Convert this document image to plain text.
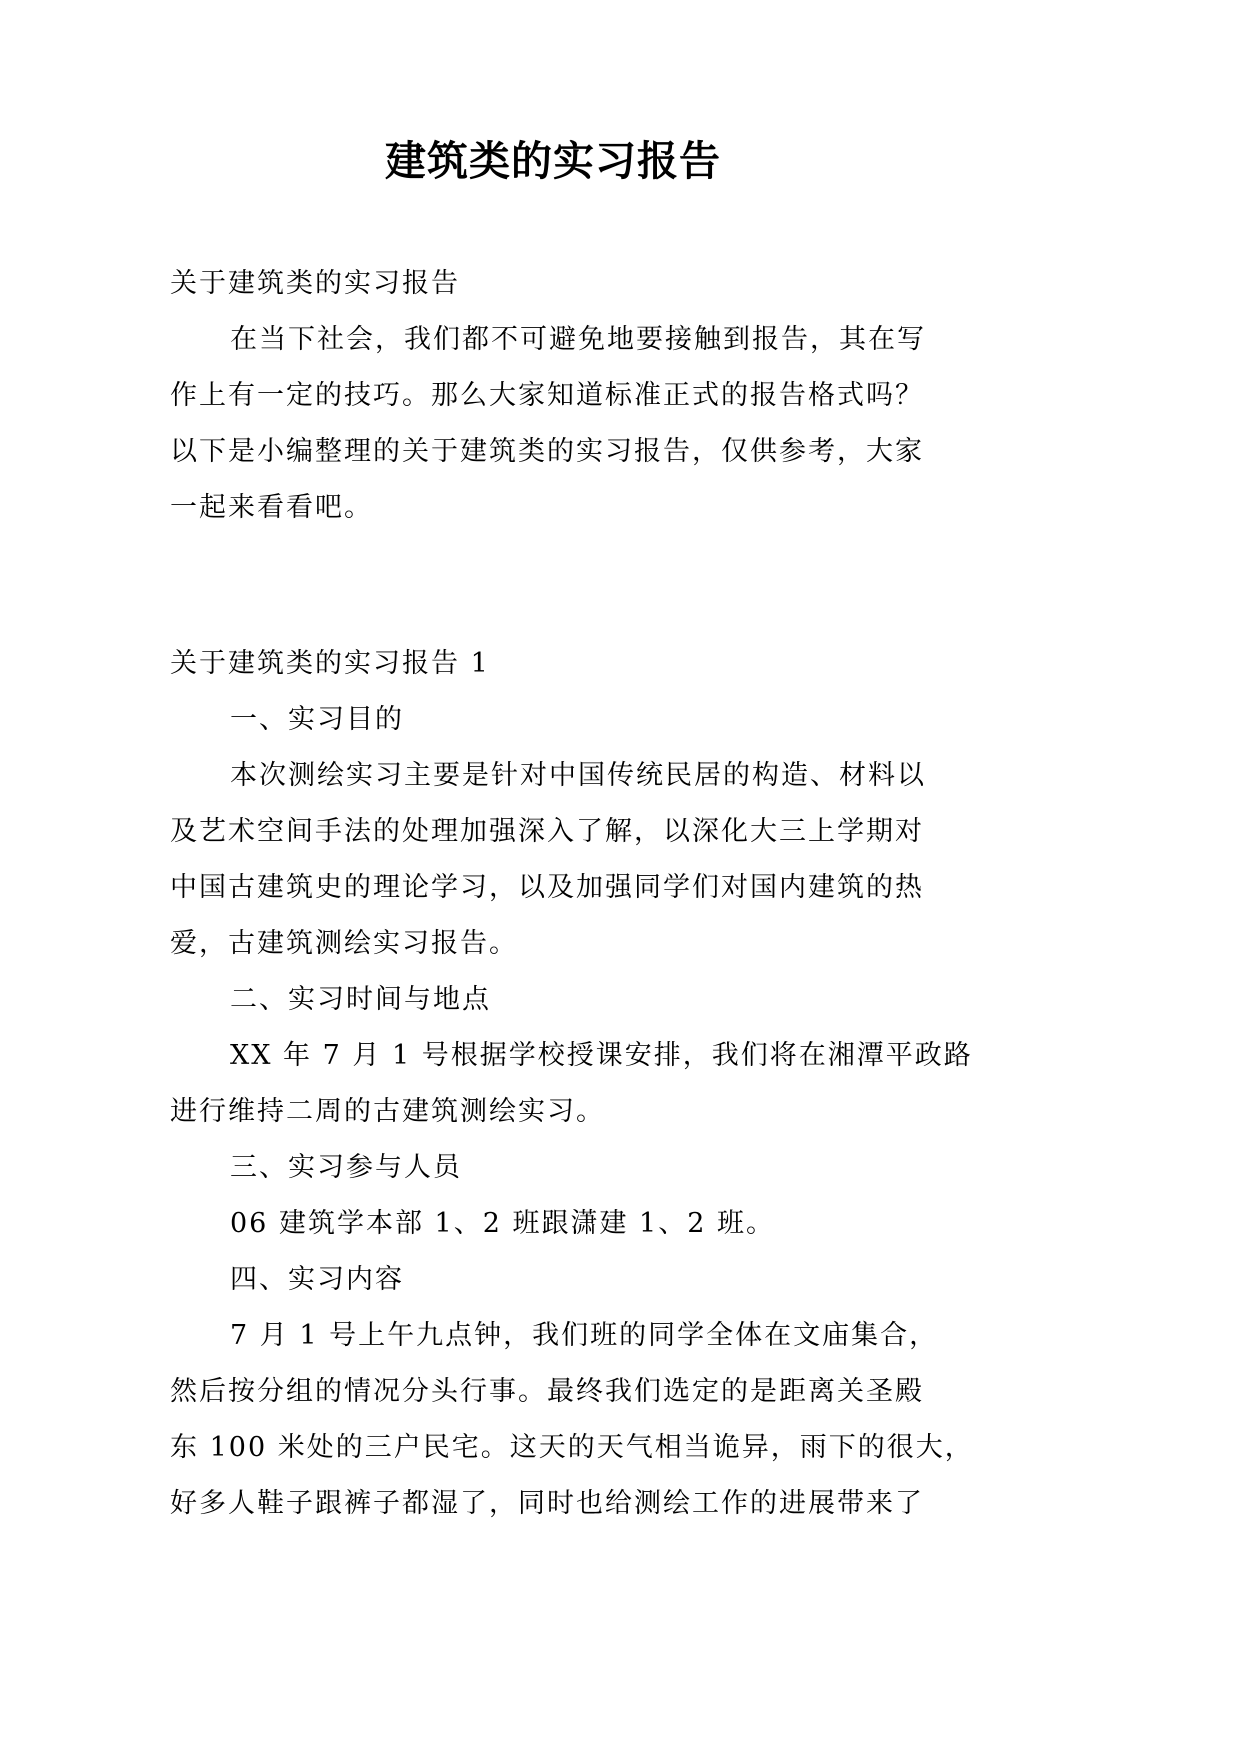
建筑类的实习报告

关于建筑类的实习报告

在当下社会，我们都不可避免地要接触到报告，其在写

作上有一定的技巧。那么大家知道标准正式的报告格式吗？

以下是小编整理的关于建筑类的实习报告，仅供参考，大家

一起来看看吧。

关于建筑类的实习报告 1

一、实习目的

本次测绘实习主要是针对中国传统民居的构造、材料以

及艺术空间手法的处理加强深入了解，以深化大三上学期对

中国古建筑史的理论学习，以及加强同学们对国内建筑的热

爱，古建筑测绘实习报告。

二、实习时间与地点

XX 年 7 月 1 号根据学校授课安排，我们将在湘潭平政路

进行维持二周的古建筑测绘实习。

三、实习参与人员

06 建筑学本部 1、2 班跟潇建 1、2 班。

四、实习内容

7 月 1 号上午九点钟，我们班的同学全体在文庙集合，

然后按分组的情况分头行事。最终我们选定的是距离关圣殿

东 100 米处的三户民宅。这天的天气相当诡异，雨下的很大，

好多人鞋子跟裤子都湿了，同时也给测绘工作的进展带来了
